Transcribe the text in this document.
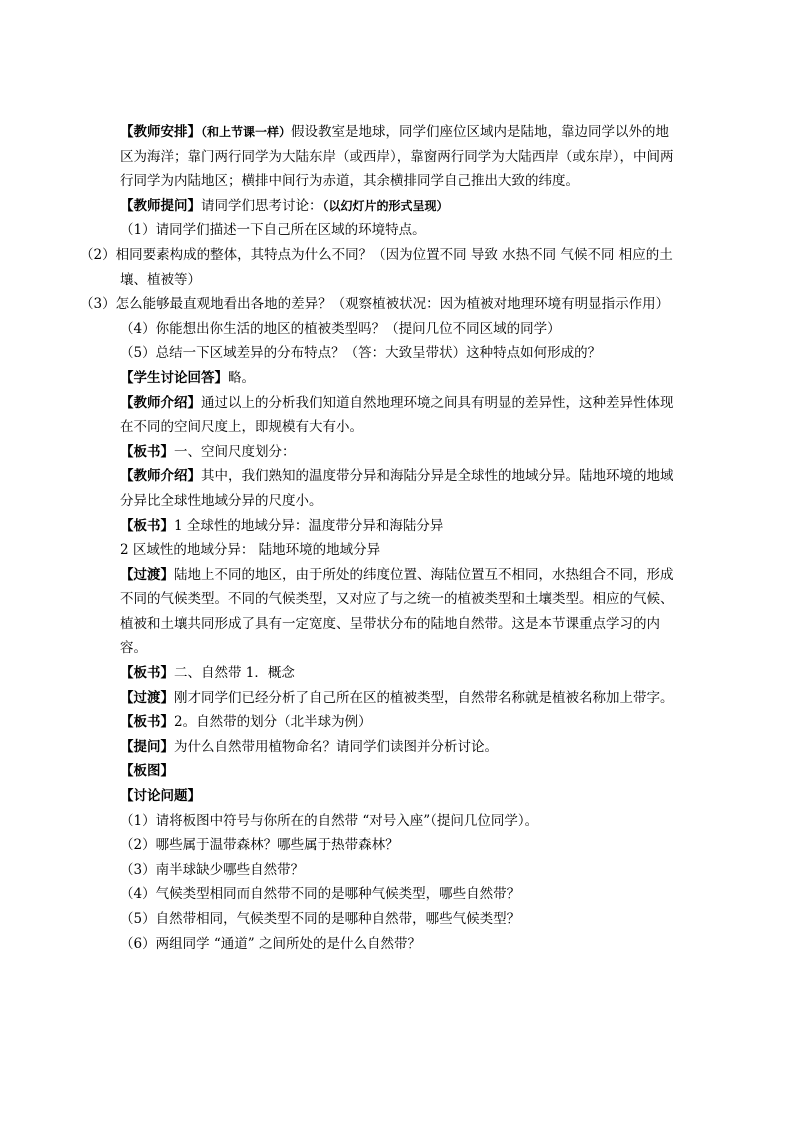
【教师安排】（和上节课一样）假设教室是地球，同学们座位区域内是陆地，靠边同学以外的地区为海洋；靠门两行同学为大陆东岸（或西岸），靠窗两行同学为大陆西岸（或东岸），中间两行同学为内陆地区；横排中间行为赤道，其余横排同学自己推出大致的纬度。

【教师提问】请同学们思考讨论：（以幻灯片的形式呈现）

（1）请同学们描述一下自己所在区域的环境特点。

（2）相同要素构成的整体，其特点为什么不同？（因为位置不同 导致 水热不同 气候不同 相应的土壤、植被等）

（3）怎么能够最直观地看出各地的差异？（观察植被状况：因为植被对地理环境有明显指示作用）

（4）你能想出你生活的地区的植被类型吗？（提问几位不同区域的同学）

（5）总结一下区域差异的分布特点？（答：大致呈带状）这种特点如何形成的？

【学生讨论回答】略。

【教师介绍】通过以上的分析我们知道自然地理环境之间具有明显的差异性，这种差异性体现在不同的空间尺度上，即规模有大有小。

【板书】一、空间尺度划分：

【教师介绍】其中，我们熟知的温度带分异和海陆分异是全球性的地域分异。陆地环境的地域分异比全球性地域分异的尺度小。

【板书】1 全球性的地域分异：温度带分异和海陆分异

2 区域性的地域分异： 陆地环境的地域分异

【过渡】陆地上不同的地区，由于所处的纬度位置、海陆位置互不相同，水热组合不同，形成不同的气候类型。不同的气候类型，又对应了与之统一的植被类型和土壤类型。相应的气候、植被和土壤共同形成了具有一定宽度、呈带状分布的陆地自然带。这是本节课重点学习的内容。

【板书】二、自然带 1．概念

【过渡】刚才同学们已经分析了自己所在区的植被类型，自然带名称就是植被名称加上带字。

【板书】2。自然带的划分（北半球为例）

【提问】为什么自然带用植物命名？请同学们读图并分析讨论。

【板图】

【讨论问题】

（1）请将板图中符号与你所在的自然带 “对号入座”（提问几位同学）。

（2）哪些属于温带森林？哪些属于热带森林？

（3）南半球缺少哪些自然带？

（4）气候类型相同而自然带不同的是哪种气候类型，哪些自然带？

（5）自然带相同，气候类型不同的是哪种自然带，哪些气候类型？

（6）两组同学 “通道” 之间所处的是什么自然带？
